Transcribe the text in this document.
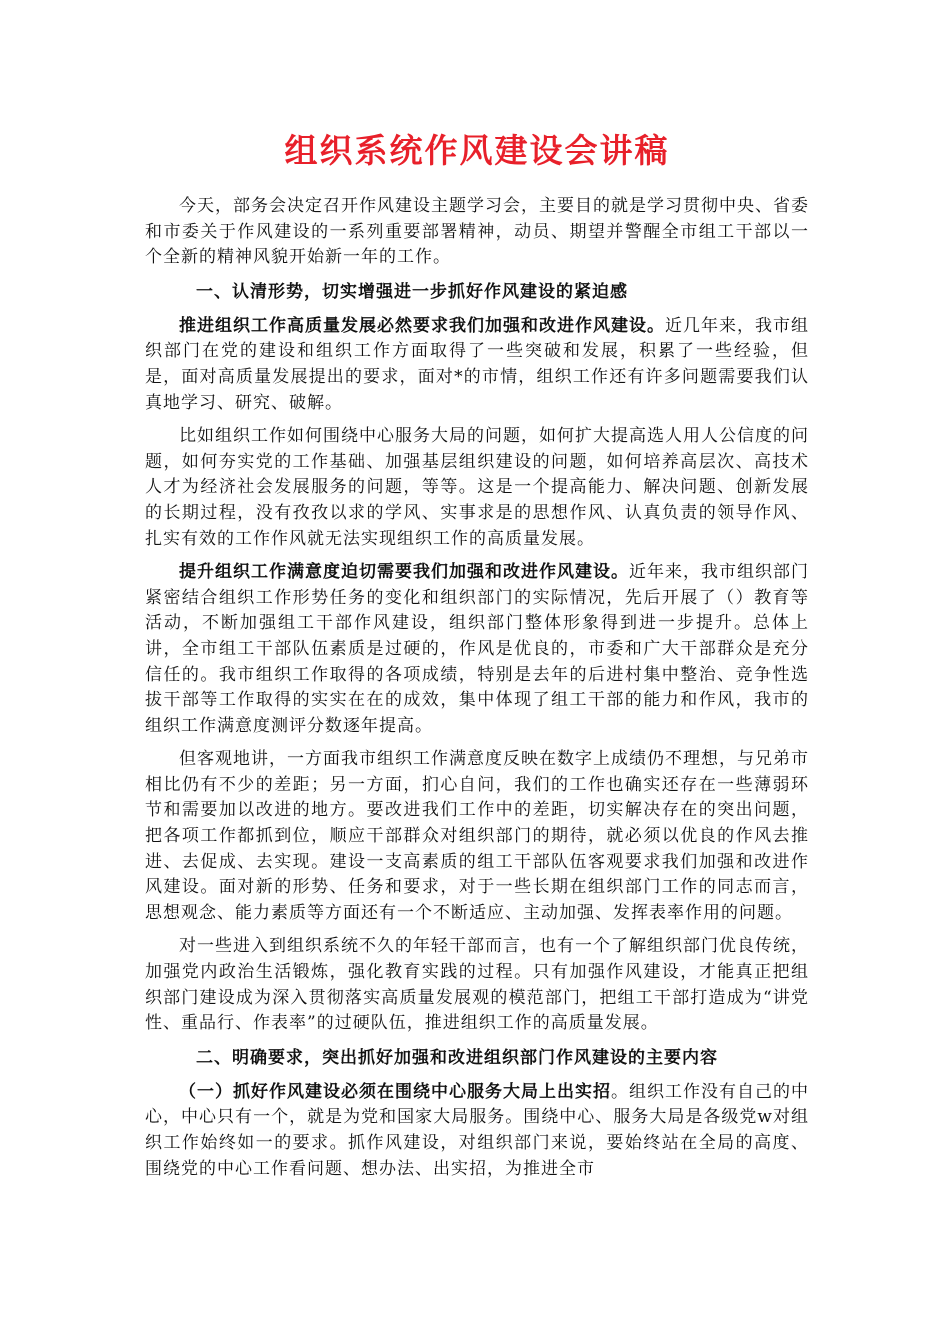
组织系统作风建设会讲稿

今天，部务会决定召开作风建设主题学习会，主要目的就是学习贯彻中央、省委和市委关于作风建设的一系列重要部署精神，动员、期望并警醒全市组工干部以一个全新的精神风貌开始新一年的工作。

一、认清形势，切实增强进一步抓好作风建设的紧迫感

推进组织工作高质量发展必然要求我们加强和改进作风建设。近几年来，我市组织部门在党的建设和组织工作方面取得了一些突破和发展，积累了一些经验，但是，面对高质量发展提出的要求，面对*的市情，组织工作还有许多问题需要我们认真地学习、研究、破解。

比如组织工作如何围绕中心服务大局的问题，如何扩大提高选人用人公信度的问题，如何夯实党的工作基础、加强基层组织建设的问题，如何培养高层次、高技术人才为经济社会发展服务的问题，等等。这是一个提高能力、解决问题、创新发展的长期过程，没有孜孜以求的学风、实事求是的思想作风、认真负责的领导作风、扎实有效的工作作风就无法实现组织工作的高质量发展。

提升组织工作满意度迫切需要我们加强和改进作风建设。近年来，我市组织部门紧密结合组织工作形势任务的变化和组织部门的实际情况，先后开展了（）教育等活动，不断加强组工干部作风建设，组织部门整体形象得到进一步提升。总体上讲，全市组工干部队伍素质是过硬的，作风是优良的，市委和广大干部群众是充分信任的。我市组织工作取得的各项成绩，特别是去年的后进村集中整治、竞争性选拔干部等工作取得的实实在在的成效，集中体现了组工干部的能力和作风，我市的组织工作满意度测评分数逐年提高。

但客观地讲，一方面我市组织工作满意度反映在数字上成绩仍不理想，与兄弟市相比仍有不少的差距；另一方面，扪心自问，我们的工作也确实还存在一些薄弱环节和需要加以改进的地方。要改进我们工作中的差距，切实解决存在的突出问题，把各项工作都抓到位，顺应干部群众对组织部门的期待，就必须以优良的作风去推进、去促成、去实现。建设一支高素质的组工干部队伍客观要求我们加强和改进作风建设。面对新的形势、任务和要求，对于一些长期在组织部门工作的同志而言， 思想观念、能力素质等方面还有一个不断适应、主动加强、发挥表率作用的问题。

对一些进入到组织系统不久的年轻干部而言，也有一个了解组织部门优良传统，加强党内政治生活锻炼，强化教育实践的过程。只有加强作风建设，才能真正把组织部门建设成为深入贯彻落实高质量发展观的模范部门，把组工干部打造成为“讲党性、重品行、作表率”的过硬队伍，推进组织工作的高质量发展。

二、明确要求，突出抓好加强和改进组织部门作风建设的主要内容

（一）抓好作风建设必须在围绕中心服务大局上出实招。组织工作没有自己的中心，中心只有一个，就是为党和国家大局服务。围绕中心、服务大局是各级党w对组织工作始终如一的要求。抓作风建设，对组织部门来说，要始终站在全局的高度、围绕党的中心工作看问题、想办法、出实招，为推进全市
